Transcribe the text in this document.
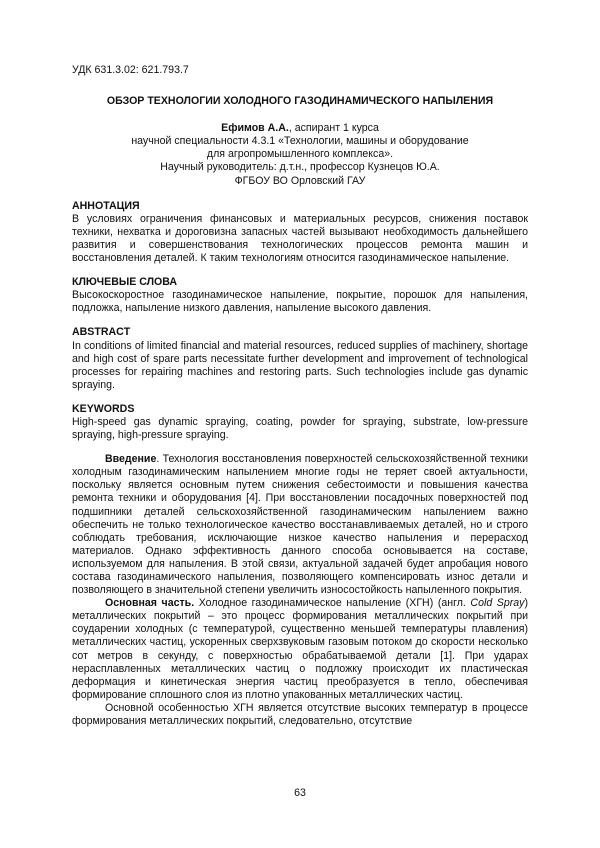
УДК 631.3.02: 621.793.7

ОБЗОР ТЕХНОЛОГИИ ХОЛОДНОГО ГАЗОДИНАМИЧЕСКОГО НАПЫЛЕНИЯ

Ефимов А.А., аспирант 1 курса
научной специальности 4.3.1 «Технологии, машины и оборудование
для агропромышленного комплекса».
Научный руководитель: д.т.н., профессор Кузнецов Ю.А.
ФГБОУ ВО Орловский ГАУ

АННОТАЦИЯ

В условиях ограничения финансовых и материальных ресурсов, снижения поставок техники, нехватка и дороговизна запасных частей вызывают необходимость дальнейшего развития и совершенствования технологических процессов ремонта машин и восстановления деталей. К таким технологиям относится газодинамическое напыление.

КЛЮЧЕВЫЕ СЛОВА

Высокоскоростное газодинамическое напыление, покрытие, порошок для напыления, подложка, напыление низкого давления, напыление высокого давления.

ABSTRACT

In conditions of limited financial and material resources, reduced supplies of machinery, shortage and high cost of spare parts necessitate further development and improvement of technological processes for repairing machines and restoring parts. Such technologies include gas dynamic spraying.

KEYWORDS

High-speed gas dynamic spraying, coating, powder for spraying, substrate, low-pressure spraying, high-pressure spraying.

Введение. Технология восстановления поверхностей сельскохозяйственной техники холодным газодинамическим напылением многие годы не теряет своей актуальности, поскольку является основным путем снижения себестоимости и повышения качества ремонта техники и оборудования [4]. При восстановлении посадочных поверхностей под подшипники деталей сельскохозяйственной газодинамическим напылением важно обеспечить не только технологическое качество восстанавливаемых деталей, но и строго соблюдать требования, исключающие низкое качество напыления и перерасход материалов. Однако эффективность данного способа основывается на составе, используемом для напыления. В этой связи, актуальной задачей будет апробация нового состава газодинамического напыления, позволяющего компенсировать износ детали и позволяющего в значительной степени увеличить износостойкость напыленного покрытия.

Основная часть. Холодное газодинамическое напыление (ХГН) (англ. Cold Spray) металлических покрытий – это процесс формирования металлических покрытий при соударении холодных (с температурой, существенно меньшей температуры плавления) металлических частиц, ускоренных сверхзвуковым газовым потоком до скорости несколько сот метров в секунду, с поверхностью обрабатываемой детали [1]. При ударах нерасплавленных металлических частиц о подложку происходит их пластическая деформация и кинетическая энергия частиц преобразуется в тепло, обеспечивая формирование сплошного слоя из плотно упакованных металлических частиц.

Основной особенностью ХГН является отсутствие высоких температур в процессе формирования металлических покрытий, следовательно, отсутствие

63
